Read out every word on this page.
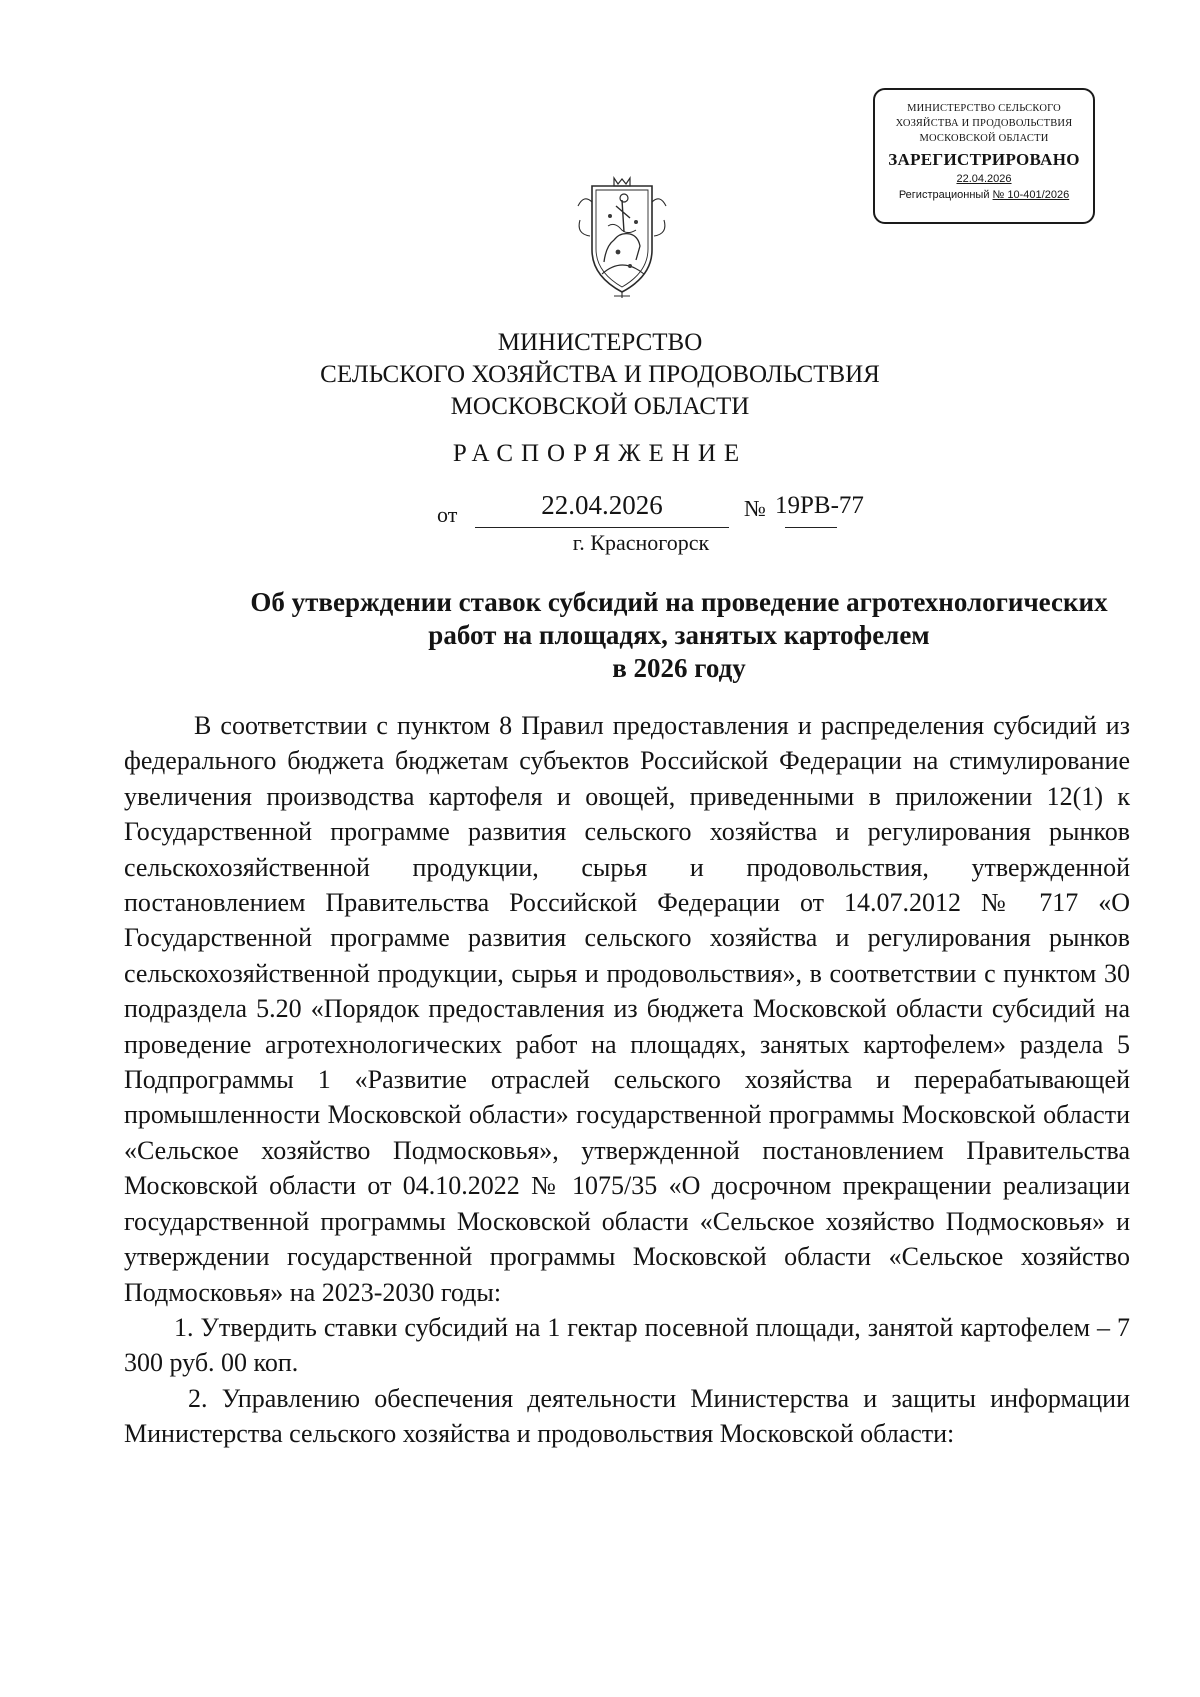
МИНИСТЕРСТВО СЕЛЬСКОГО
ХОЗЯЙСТВА И ПРОДОВОЛЬСТВИЯ
МОСКОВСКОЙ ОБЛАСТИ
ЗАРЕГИСТРИРОВАНО
22.04.2026
Регистрационный № 10-401/2026
МИНИСТЕРСТВО
СЕЛЬСКОГО ХОЗЯЙСТВА И ПРОДОВОЛЬСТВИЯ
МОСКОВСКОЙ ОБЛАСТИ
РАСПОРЯЖЕНИЕ
от	22.04.2026	№ 19РВ-77
г. Красногорск
Об утверждении ставок субсидий на проведение агротехнологических
работ на площадях, занятых картофелем
в 2026 году

В соответствии с пунктом 8 Правил предоставления и распределения субсидий из федерального бюджета бюджетам субъектов Российской Федерации на стимулирование увеличения производства картофеля и овощей, приведенными в приложении 12(1) к Государственной программе развития сельского хозяйства и регулирования рынков сельскохозяйственной продукции, сырья и продовольствия, утвержденной постановлением Правительства Российской Федерации от 14.07.2012 № 717 «О Государственной программе развития сельского хозяйства и регулирования рынков сельскохозяйственной продукции, сырья и продовольствия», в соответствии с пунктом 30 подраздела 5.20 «Порядок предоставления из бюджета Московской области субсидий на проведение агротехнологических работ на площадях, занятых картофелем» раздела 5 Подпрограммы 1 «Развитие отраслей сельского хозяйства и перерабатывающей промышленности Московской области» государственной программы Московской области «Сельское хозяйство Подмосковья», утвержденной постановлением Правительства Московской области от 04.10.2022 № 1075/35 «О досрочном прекращении реализации государственной программы Московской области «Сельское хозяйство Подмосковья» и утверждении государственной программы Московской области «Сельское хозяйство Подмосковья» на 2023-2030 годы:

1. Утвердить ставки субсидий на 1 гектар посевной площади, занятой картофелем – 7 300 руб. 00 коп.

2. Управлению обеспечения деятельности Министерства и защиты информации Министерства сельского хозяйства и продовольствия Московской области:
